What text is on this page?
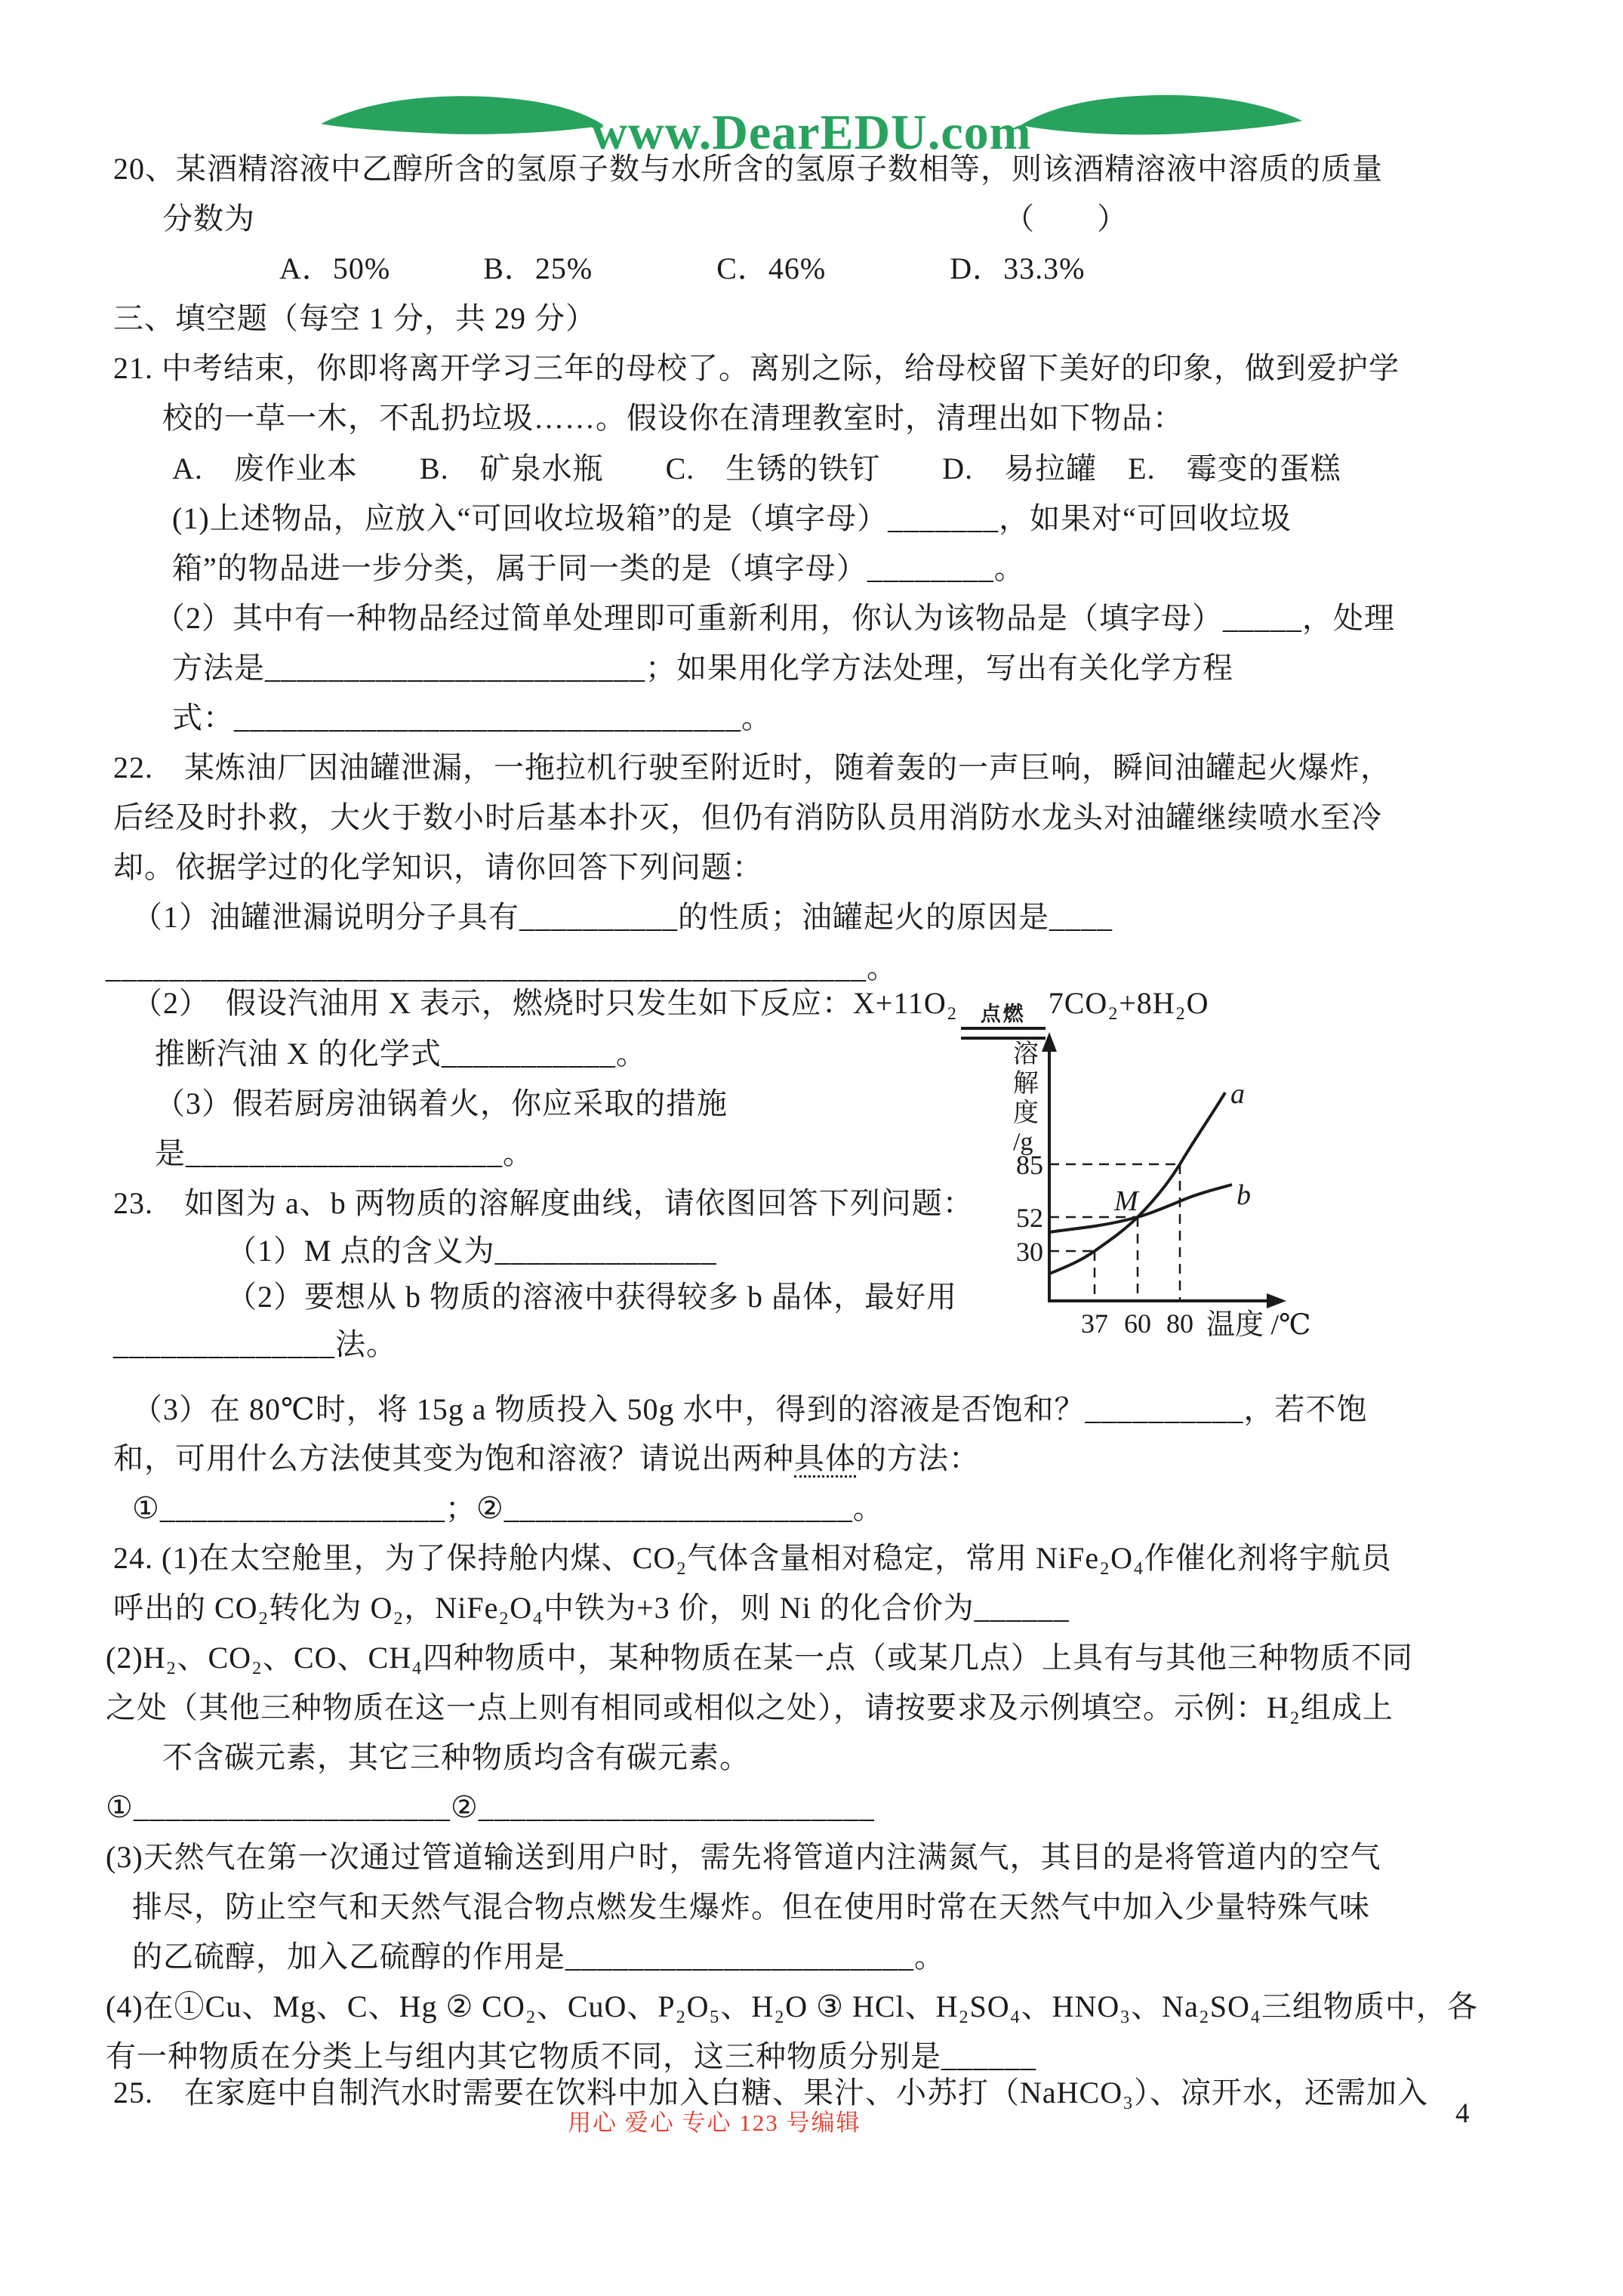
www.DearEDU.com
20、某酒精溶液中乙醇所含的氢原子数与水所含的氢原子数相等，则该酒精溶液中溶质的质量
分数为	（　　）
A．50%　　　B．25%　　　　C．46%　　　　D．33.3%
三、填空题（每空 1 分，共 29 分）
21. 中考结束，你即将离开学习三年的母校了。离别之际，给母校留下美好的印象，做到爱护学
校的一草一木，不乱扔垃圾……。假设你在清理教室时，清理出如下物品：
A.　废作业本　　B.　矿泉水瓶　　C.　生锈的铁钉　　D.　易拉罐　E.　霉变的蛋糕
(1)上述物品，应放入“可回收垃圾箱”的是（填字母）_______，如果对“可回收垃圾
箱”的物品进一步分类，属于同一类的是（填字母）________。
（2）其中有一种物品经过简单处理即可重新利用，你认为该物品是（填字母）_____，处理
方法是________________________；如果用化学方法处理，写出有关化学方程
式：________________________________。
22.　某炼油厂因油罐泄漏，一拖拉机行驶至附近时，随着轰的一声巨响，瞬间油罐起火爆炸，
后经及时扑救，大火于数小时后基本扑灭，但仍有消防队员用消防水龙头对油罐继续喷水至冷
却。依据学过的化学知识，请你回答下列问题：
（1）油罐泄漏说明分子具有__________的性质；油罐起火的原因是____
________________________________________________。
（2）　假设汽油用 X 表示，燃烧时只发生如下反应：X+11O₂ 点燃 7CO₂+8H₂O
推断汽油 X 的化学式___________。
（3）假若厨房油锅着火，你应采取的措施
是____________________。
23.　如图为 a、b 两物质的溶解度曲线，请依图回答下列问题：
（1）M 点的含义为______________
（2）要想从 b 物质的溶液中获得较多 b 晶体，最好用
______________法。
（3）在 80℃时，将 15g a 物质投入 50g 水中，得到的溶液是否饱和？__________，若不饱
和，可用什么方法使其变为饱和溶液？请说出两种具体的方法：
①__________________；②______________________。
24. (1)在太空舱里，为了保持舱内煤、CO₂气体含量相对稳定，常用 NiFe₂O₄作催化剂将宇航员
呼出的 CO₂转化为 O₂，NiFe₂O₄中铁为+3 价，则 Ni 的化合价为______
(2)H₂、CO₂、CO、CH₄四种物质中，某种物质在某一点（或某几点）上具有与其他三种物质不同
之处（其他三种物质在这一点上则有相同或相似之处），请按要求及示例填空。示例：H₂组成上
不含碳元素，其它三种物质均含有碳元素。
①____________________②_________________________
(3)天然气在第一次通过管道输送到用户时，需先将管道内注满氮气，其目的是将管道内的空气
排尽，防止空气和天然气混合物点燃发生爆炸。但在使用时常在天然气中加入少量特殊气味
的乙硫醇，加入乙硫醇的作用是______________________。
(4)在①Cu、Mg、C、Hg ② CO₂、CuO、P₂O₅、H₂O ③ HCl、H₂SO₄、HNO₃、Na₂SO₄三组物质中，各
有一种物质在分类上与组内其它物质不同，这三种物质分别是______
25.　在家庭中自制汽水时需要在饮料中加入白糖、果汁、小苏打（NaHCO₃）、凉开水，还需加入
溶
解
度
/g
85
52
30
a
b
M
37 60 80 温度 /℃
用心 爱心 专心 123 号编辑	4
